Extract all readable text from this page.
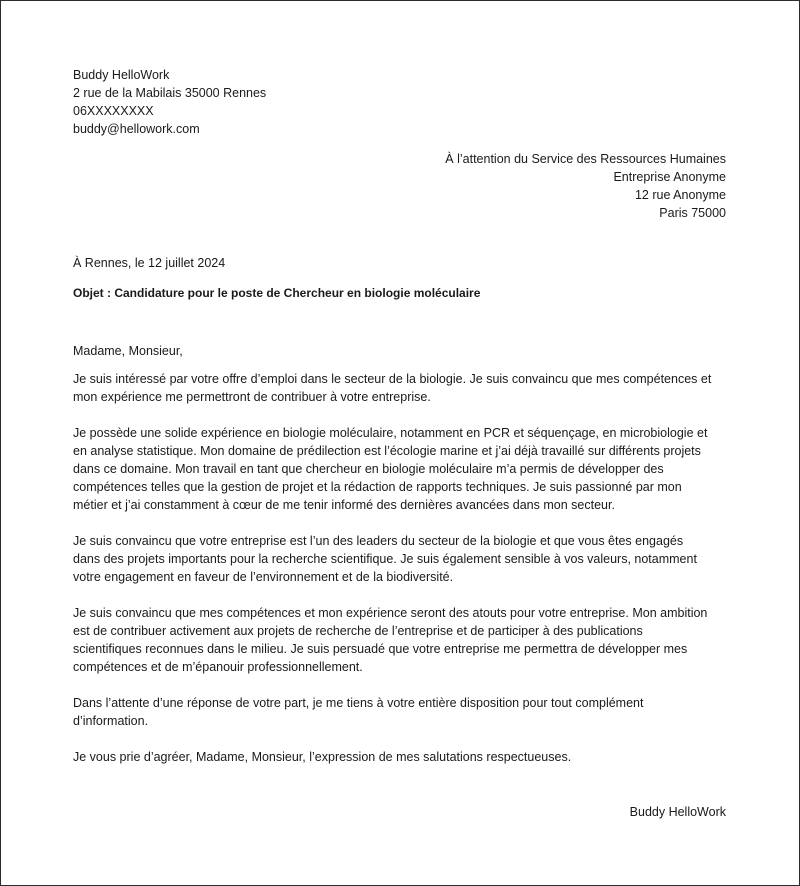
Buddy HelloWork
2 rue de la Mabilais 35000 Rennes
06XXXXXXXX
buddy@hellowork.com
À l’attention du Service des Ressources Humaines
Entreprise Anonyme
12 rue Anonyme
Paris 75000
À Rennes, le 12 juillet 2024
Objet : Candidature pour le poste de Chercheur en biologie moléculaire

Madame, Monsieur,

Je suis intéressé par votre offre d’emploi dans le secteur de la biologie. Je suis convaincu que mes compétences et
mon expérience me permettront de contribuer à votre entreprise.

Je possède une solide expérience en biologie moléculaire, notamment en PCR et séquençage, en microbiologie et
en analyse statistique. Mon domaine de prédilection est l’écologie marine et j’ai déjà travaillé sur différents projets
dans ce domaine. Mon travail en tant que chercheur en biologie moléculaire m’a permis de développer des
compétences telles que la gestion de projet et la rédaction de rapports techniques. Je suis passionné par mon
métier et j’ai constamment à cœur de me tenir informé des dernières avancées dans mon secteur.

Je suis convaincu que votre entreprise est l’un des leaders du secteur de la biologie et que vous êtes engagés
dans des projets importants pour la recherche scientifique. Je suis également sensible à vos valeurs, notamment
votre engagement en faveur de l’environnement et de la biodiversité.

Je suis convaincu que mes compétences et mon expérience seront des atouts pour votre entreprise. Mon ambition
est de contribuer activement aux projets de recherche de l’entreprise et de participer à des publications
scientifiques reconnues dans le milieu. Je suis persuadé que votre entreprise me permettra de développer mes
compétences et de m’épanouir professionnellement.

Dans l’attente d’une réponse de votre part, je me tiens à votre entière disposition pour tout complément
d’information.

Je vous prie d’agréer, Madame, Monsieur, l’expression de mes salutations respectueuses.

Buddy HelloWork
